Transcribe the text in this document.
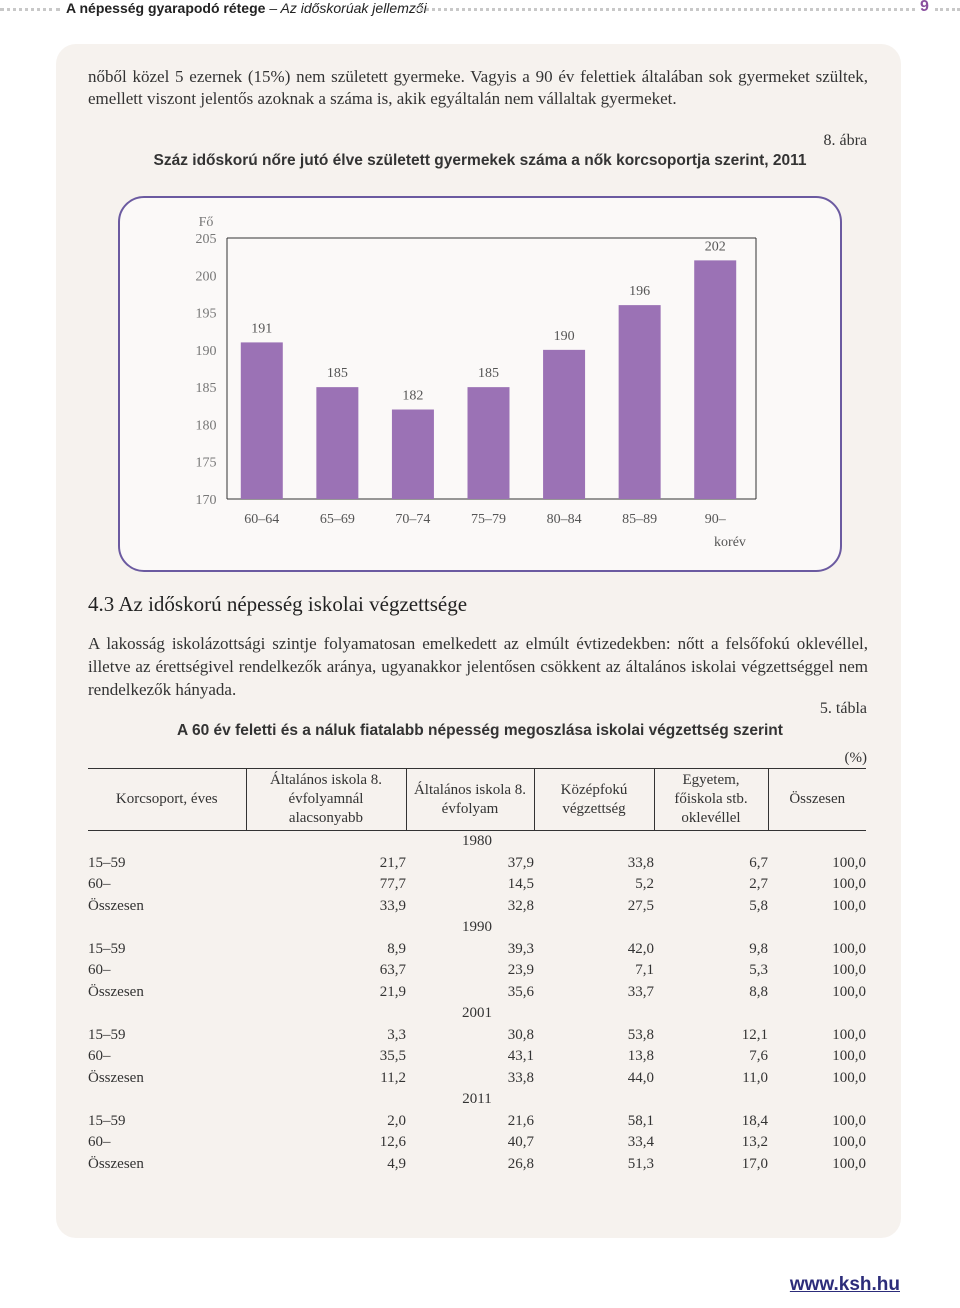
A népesség gyarapodó rétege – Az időskorúak jellemzői	9
nőből közel 5 ezernek (15%) nem született gyermeke. Vagyis a 90 év felettiek általában sok gyermeket szültek, emellett viszont jelentős azoknak a száma is, akik egyáltalán nem vállaltak gyermeket.
8. ábra
Száz időskorú nőre jutó élve született gyermekek száma a nők korcsoportja szerint, 2011
Fő
205
200
195
190
185
180
175
170
191
60–64
185
65–69
182
70–74
185
75–79
190
80–84
196
85–89
202
90–
korév
4.3 Az időskorú népesség iskolai végzettsége
A lakosság iskolázottsági szintje folyamatosan emelkedett az elmúlt évtizedekben: nőtt a felsőfokú oklevéllel, illetve az érettségivel rendelkezők aránya, ugyanakkor jelentősen csökkent az általános iskolai végzettséggel nem rendelkezők hányada.
5. tábla
A 60 év feletti és a náluk fiatalabb népesség megoszlása iskolai végzettség szerint
(%)
Korcsoport, éves	Általános iskola 8. évfolyamnál alacsonyabb	Általános iskola 8. évfolyam	Középfokú végzettség	Egyetem, főiskola stb. oklevéllel	Összesen
1980					
15–59	21,7	37,9	33,8	6,7	100,0
60–	77,7	14,5	5,2	2,7	100,0
Összesen	33,9	32,8	27,5	5,8	100,0
1990					
15–59	8,9	39,3	42,0	9,8	100,0
60–	63,7	23,9	7,1	5,3	100,0
Összesen	21,9	35,6	33,7	8,8	100,0
2001					
15–59	3,3	30,8	53,8	12,1	100,0
60–	35,5	43,1	13,8	7,6	100,0
Összesen	11,2	33,8	44,0	11,0	100,0
2011					
15–59	2,0	21,6	58,1	18,4	100,0
60–	12,6	40,7	33,4	13,2	100,0
Összesen	4,9	26,8	51,3	17,0	100,0
www.ksh.hu
